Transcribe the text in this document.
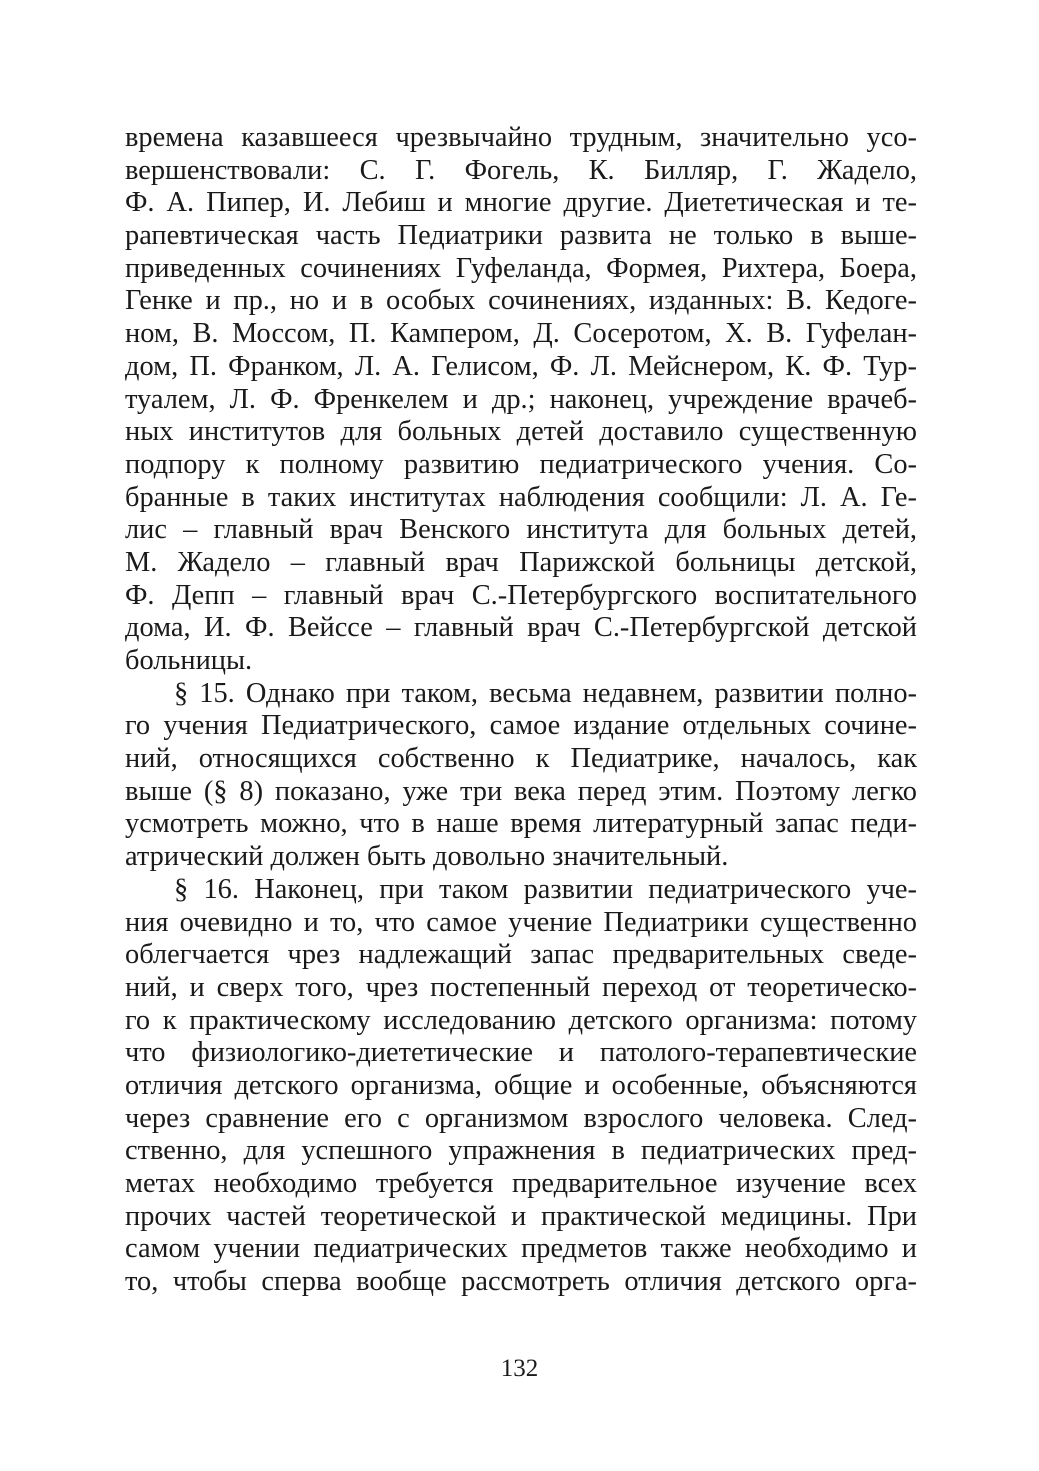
времена казавшееся чрезвычайно трудным, значительно усо-
вершенствовали: С. Г. Фогель, К. Билляр, Г. Жадело,
Ф. А. Пипер, И. Лебиш и многие другие. Диететическая и те-
рапевтическая часть Педиатрики развита не только в выше-
приведенных сочинениях Гуфеланда, Формея, Рихтера, Боера,
Генке и пр., но и в особых сочинениях, изданных: В. Кедоге-
ном, В. Моссом, П. Кампером, Д. Сосеротом, Х. В. Гуфелан-
дом, П. Франком, Л. А. Гелисом, Ф. Л. Мейснером, К. Ф. Тур-
туалем, Л. Ф. Френкелем и др.; наконец, учреждение врачеб-
ных институтов для больных детей доставило существенную
подпору к полному развитию педиатрического учения. Со-
бранные в таких институтах наблюдения сообщили: Л. А. Ге-
лис – главный врач Венского института для больных детей,
М. Жадело – главный врач Парижской больницы детской,
Ф. Депп – главный врач С.-Петербургского воспитательного
дома, И. Ф. Вейссе – главный врач С.-Петербургской детской
больницы.
§ 15. Однако при таком, весьма недавнем, развитии полно-
го учения Педиатрического, самое издание отдельных сочине-
ний, относящихся собственно к Педиатрике, началось, как
выше (§ 8) показано, уже три века перед этим. Поэтому легко
усмотреть можно, что в наше время литературный запас педи-
атрический должен быть довольно значительный.
§ 16. Наконец, при таком развитии педиатрического уче-
ния очевидно и то, что самое учение Педиатрики существенно
облегчается чрез надлежащий запас предварительных сведе-
ний, и сверх того, чрез постепенный переход от теоретическо-
го к практическому исследованию детского организма: потому
что физиологико-диететические и патолого-терапевтические
отличия детского организма, общие и особенные, объясняются
через сравнение его с организмом взрослого человека. След-
ственно, для успешного упражнения в педиатрических пред-
метах необходимо требуется предварительное изучение всех
прочих частей теоретической и практической медицины. При
самом учении педиатрических предметов также необходимо и
то, чтобы сперва вообще рассмотреть отличия детского орга-
132
